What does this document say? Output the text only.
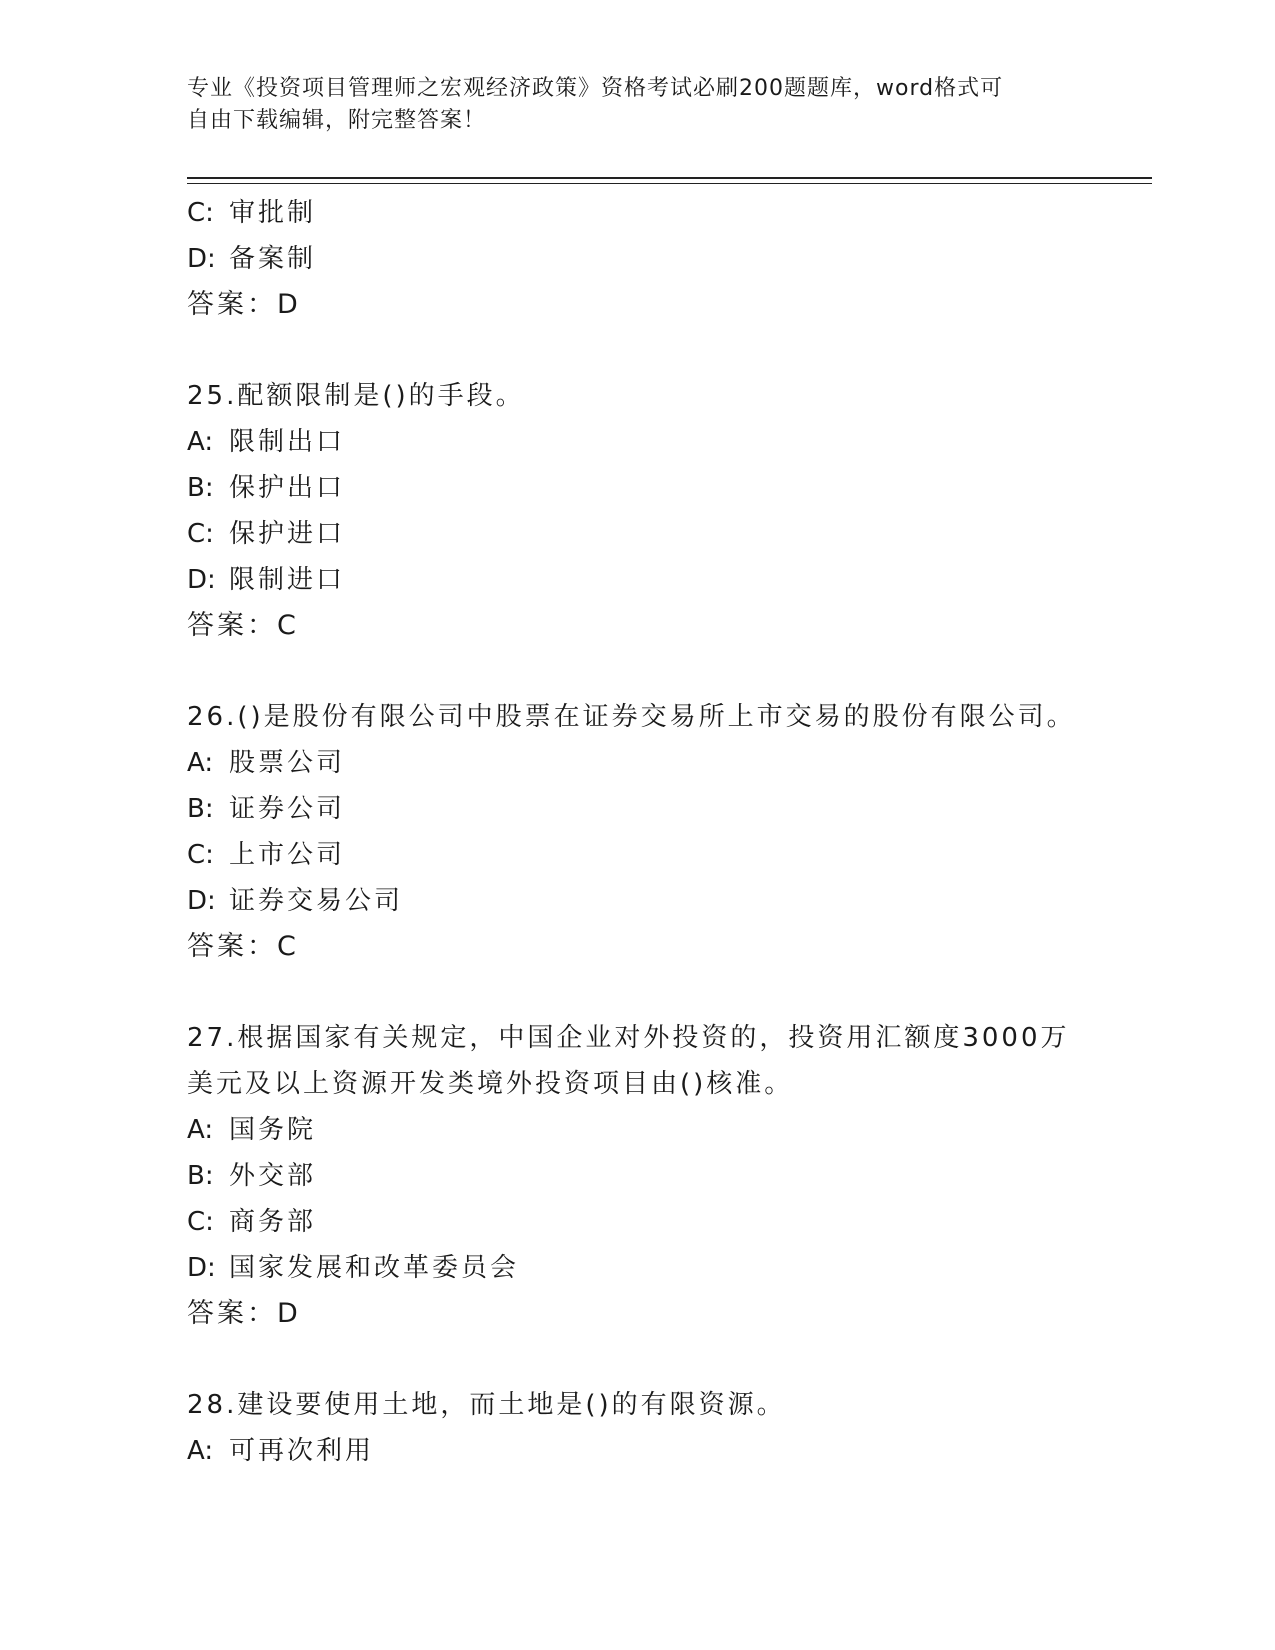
专业《投资项目管理师之宏观经济政策》资格考试必刷200题题库，word格式可
自由下载编辑，附完整答案！
C: 审批制
D: 备案制
答案：D
25.配额限制是()的手段。
A: 限制出口
B: 保护出口
C: 保护进口
D: 限制进口
答案：C
26.()是股份有限公司中股票在证券交易所上市交易的股份有限公司。
A: 股票公司
B: 证券公司
C: 上市公司
D: 证券交易公司
答案：C
27.根据国家有关规定，中国企业对外投资的，投资用汇额度3000万
美元及以上资源开发类境外投资项目由()核准。
A: 国务院
B: 外交部
C: 商务部
D: 国家发展和改革委员会
答案：D
28.建设要使用土地，而土地是()的有限资源。
A: 可再次利用
